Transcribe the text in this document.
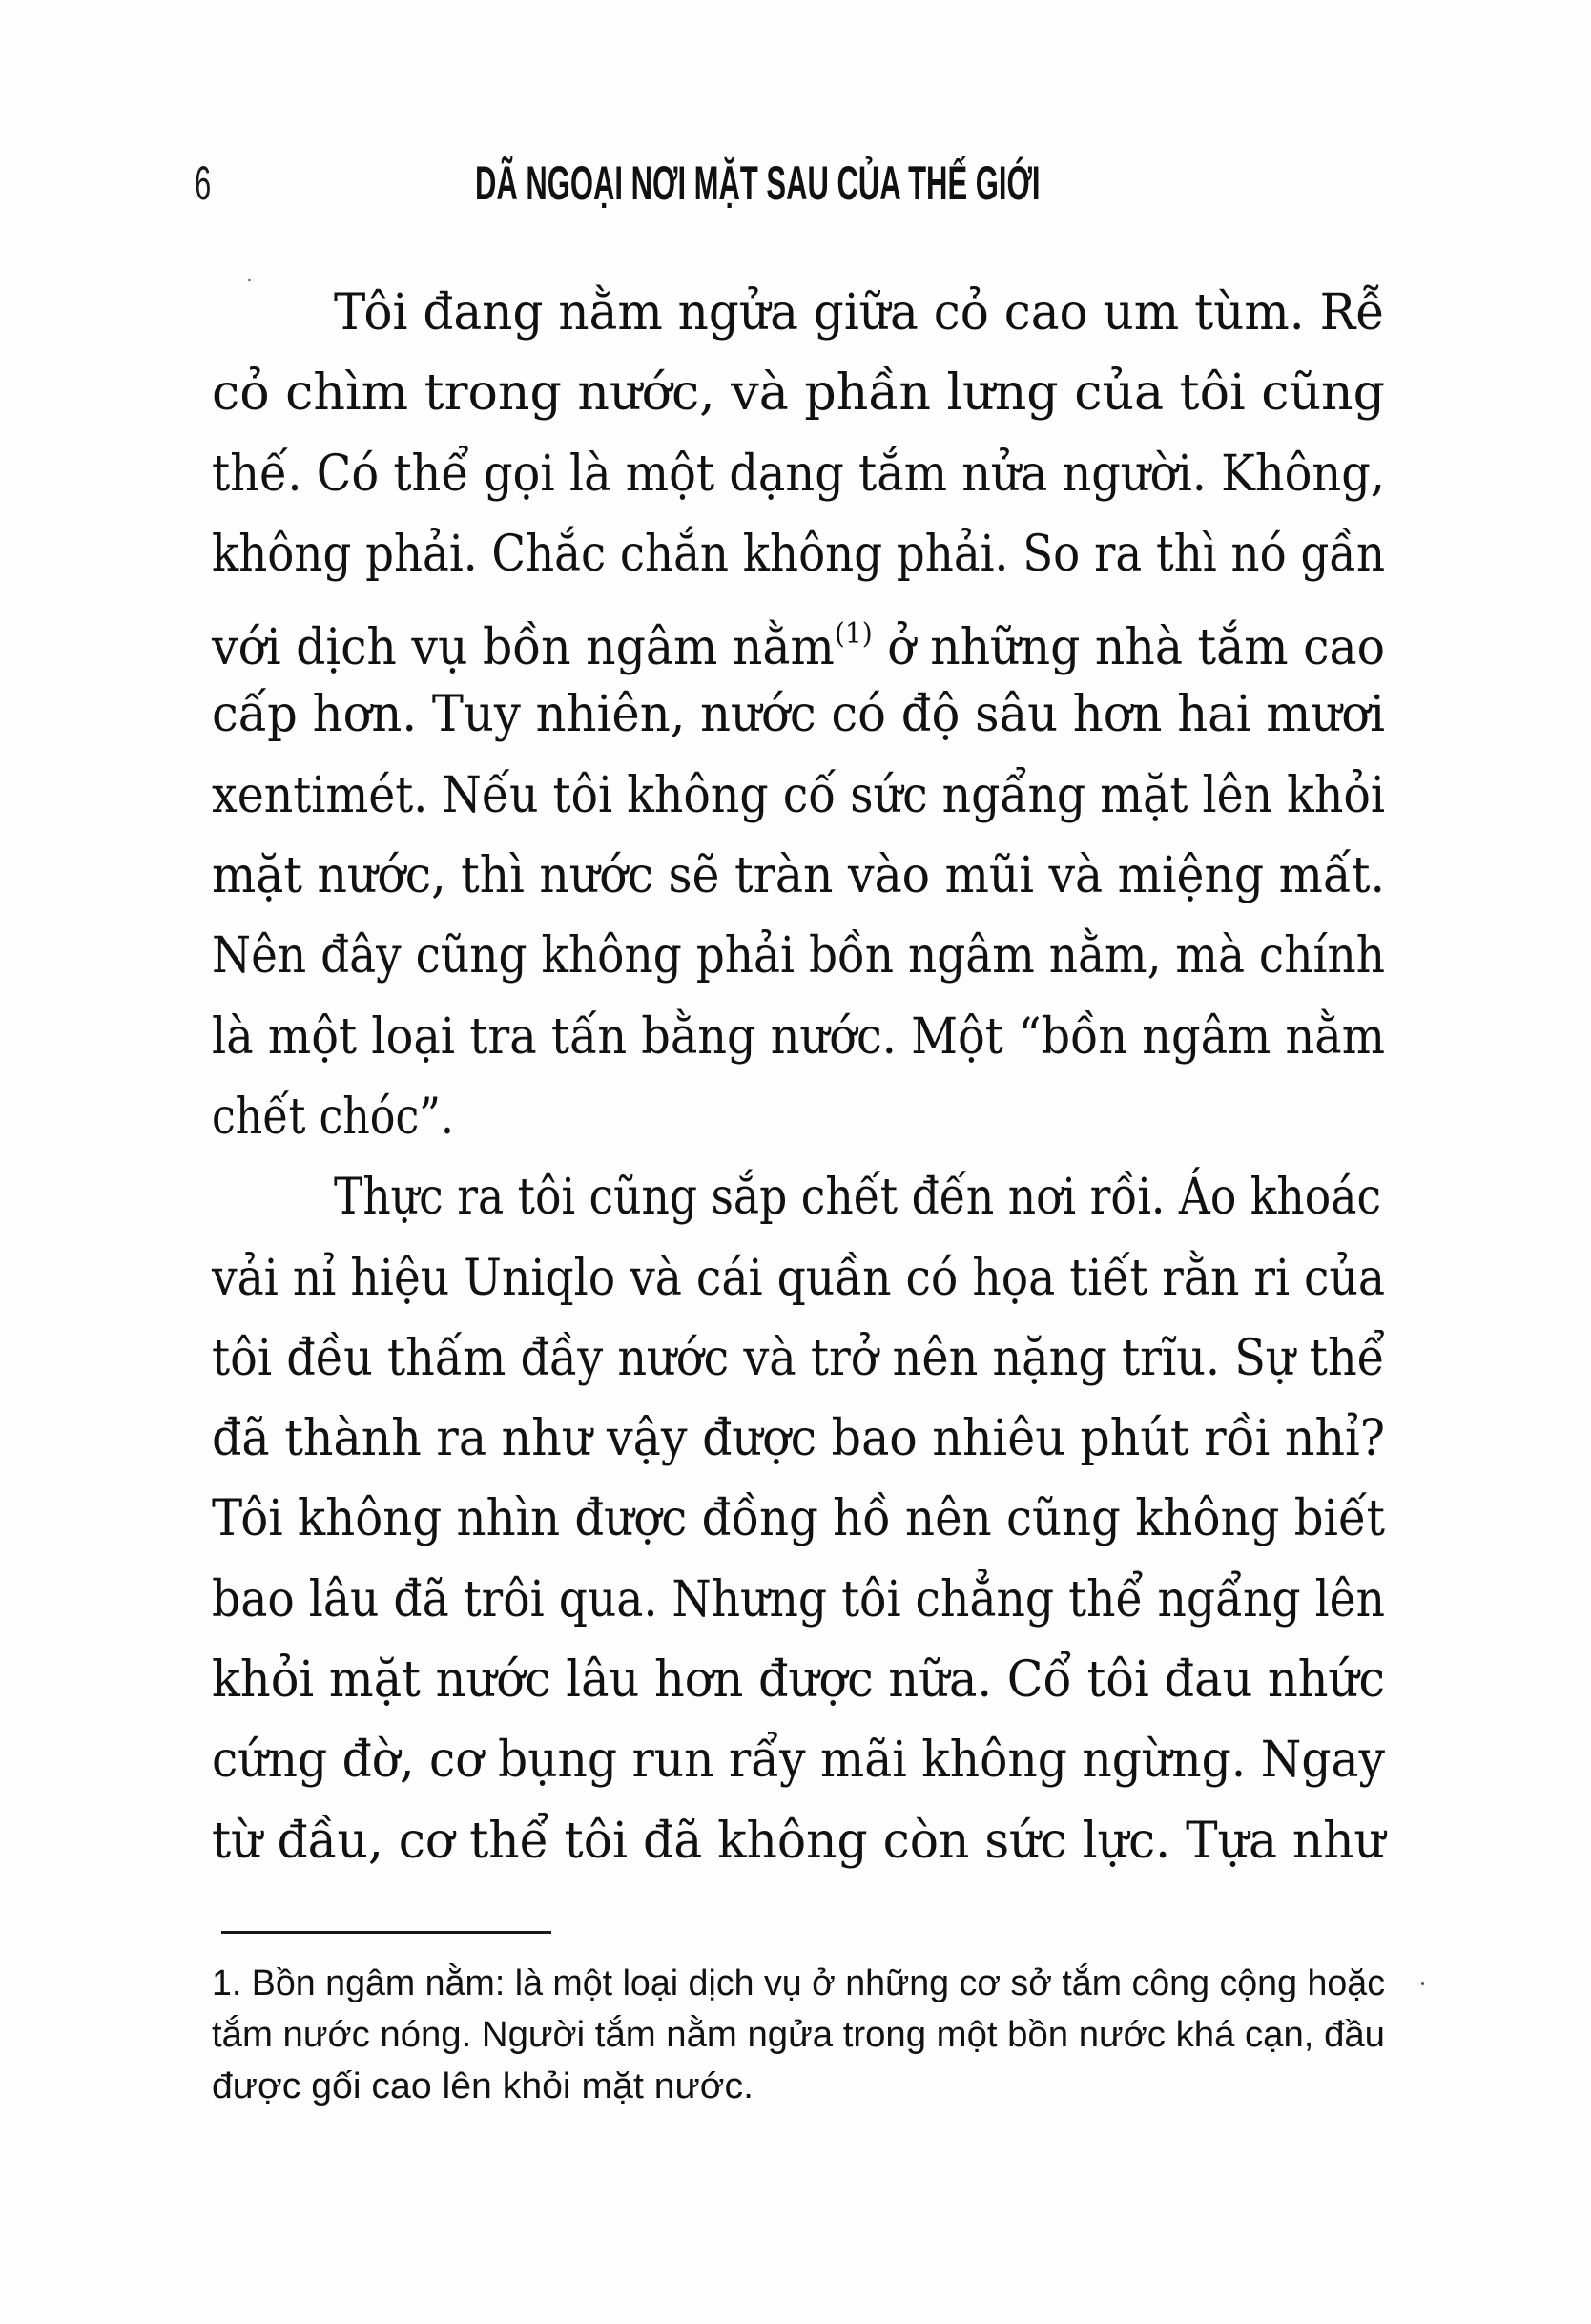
6	DÃ NGOẠI NƠI MẶT SAU CỦA THẾ GIỚI
Tôi đang nằm ngửa giữa cỏ cao um tùm. Rễ
cỏ chìm trong nước, và phần lưng của tôi cũng
thế. Có thể gọi là một dạng tắm nửa người. Không,
không phải. Chắc chắn không phải. So ra thì nó gần
với dịch vụ bồn ngâm nằm$^{(1)}$ ở những nhà tắm cao
cấp hơn. Tuy nhiên, nước có độ sâu hơn hai mươi
xentimét. Nếu tôi không cố sức ngẩng mặt lên khỏi
mặt nước, thì nước sẽ tràn vào mũi và miệng mất.
Nên đây cũng không phải bồn ngâm nằm, mà chính
là một loại tra tấn bằng nước. Một “bồn ngâm nằm
chết chóc”.
Thực ra tôi cũng sắp chết đến nơi rồi. Áo khoác
vải nỉ hiệu Uniqlo và cái quần có họa tiết rằn ri của
tôi đều thấm đầy nước và trở nên nặng trĩu. Sự thể
đã thành ra như vậy được bao nhiêu phút rồi nhỉ?
Tôi không nhìn được đồng hồ nên cũng không biết
bao lâu đã trôi qua. Nhưng tôi chẳng thể ngẩng lên
khỏi mặt nước lâu hơn được nữa. Cổ tôi đau nhức
cứng đờ, cơ bụng run rẩy mãi không ngừng. Ngay
từ đầu, cơ thể tôi đã không còn sức lực. Tựa như
1. Bồn ngâm nằm: là một loại dịch vụ ở những cơ sở tắm công cộng hoặc
tắm nước nóng. Người tắm nằm ngửa trong một bồn nước khá cạn, đầu
được gối cao lên khỏi mặt nước.
